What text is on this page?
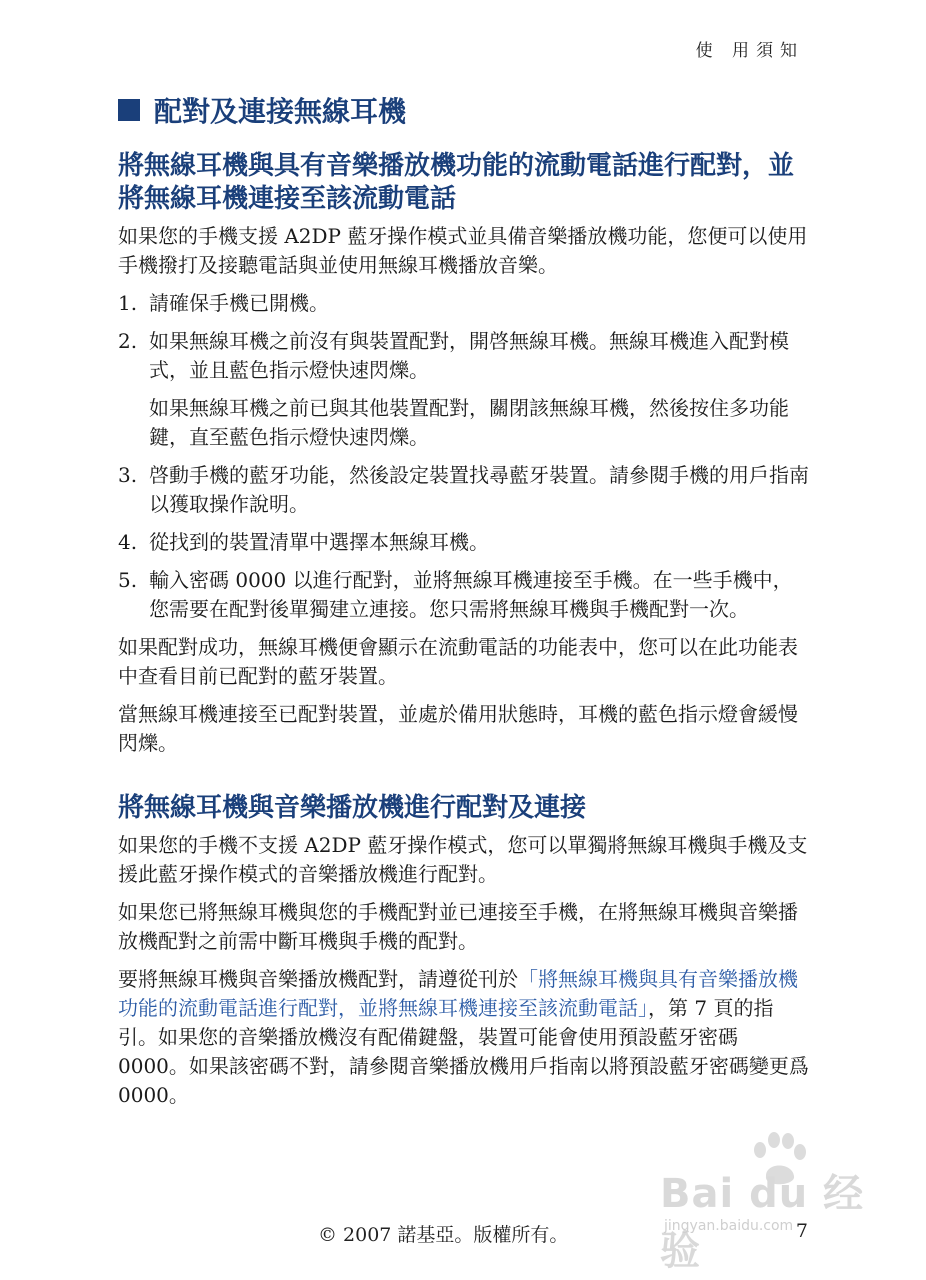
使 用須知
配對及連接無線耳機
將無線耳機與具有音樂播放機功能的流動電話進行配對，並將無線耳機連接至該流動電話

如果您的手機支援 A2DP 藍牙操作模式並具備音樂播放機功能，您便可以使用手機撥打及接聽電話與並使用無線耳機播放音樂。

1. 請確保手機已開機。
2. 如果無線耳機之前沒有與裝置配對，開啓無線耳機。無線耳機進入配對模式，並且藍色指示燈快速閃爍。
如果無線耳機之前已與其他裝置配對，關閉該無線耳機，然後按住多功能鍵，直至藍色指示燈快速閃爍。
3. 啓動手機的藍牙功能，然後設定裝置找尋藍牙裝置。請參閱手機的用戶指南以獲取操作說明。
4. 從找到的裝置清單中選擇本無線耳機。
5. 輸入密碼 0000 以進行配對，並將無線耳機連接至手機。在一些手機中，您需要在配對後單獨建立連接。您只需將無線耳機與手機配對一次。

如果配對成功，無線耳機便會顯示在流動電話的功能表中，您可以在此功能表中查看目前已配對的藍牙裝置。

當無線耳機連接至已配對裝置，並處於備用狀態時，耳機的藍色指示燈會緩慢閃爍。

將無線耳機與音樂播放機進行配對及連接

如果您的手機不支援 A2DP 藍牙操作模式，您可以單獨將無線耳機與手機及支援此藍牙操作模式的音樂播放機進行配對。

如果您已將無線耳機與您的手機配對並已連接至手機，在將無線耳機與音樂播放機配對之前需中斷耳機與手機的配對。

要將無線耳機與音樂播放機配對，請遵從刊於「將無線耳機與具有音樂播放機功能的流動電話進行配對，並將無線耳機連接至該流動電話」，第 7 頁的指引。如果您的音樂播放機沒有配備鍵盤，裝置可能會使用預設藍牙密碼 0000。如果該密碼不對，請參閱音樂播放機用戶指南以將預設藍牙密碼變更爲 0000。

Bai du 经验
jingyan.baidu.com
© 2007 諾基亞。版權所有。	7
